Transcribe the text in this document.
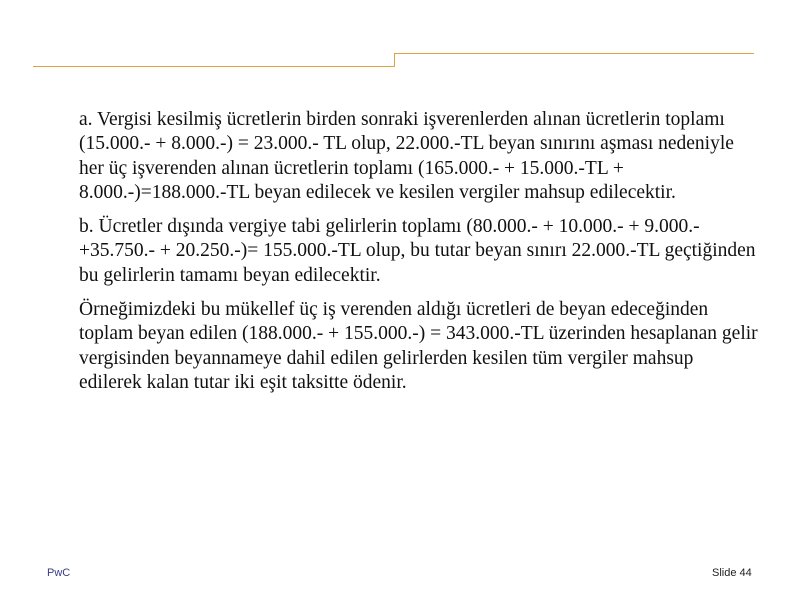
a. Vergisi kesilmiş ücretlerin birden sonraki işverenlerden alınan ücretlerin toplamı (15.000.- + 8.000.-) = 23.000.- TL olup, 22.000.-TL beyan sınırını aşması nedeniyle her üç işverenden alınan ücretlerin toplamı (165.000.- + 15.000.-TL + 8.000.-)=188.000.-TL beyan edilecek ve kesilen vergiler mahsup edilecektir.

b. Ücretler dışında vergiye tabi gelirlerin toplamı (80.000.- + 10.000.- + 9.000.- +35.750.- + 20.250.-)= 155.000.-TL olup, bu tutar beyan sınırı 22.000.-TL geçtiğinden bu gelirlerin tamamı beyan edilecektir.

Örneğimizdeki bu mükellef üç iş verenden aldığı ücretleri de beyan edeceğinden toplam beyan edilen (188.000.- + 155.000.-) = 343.000.-TL üzerinden hesaplanan gelir vergisinden beyannameye dahil edilen gelirlerden kesilen tüm vergiler mahsup edilerek kalan tutar iki eşit taksitte ödenir.

PwC	Slide 44
